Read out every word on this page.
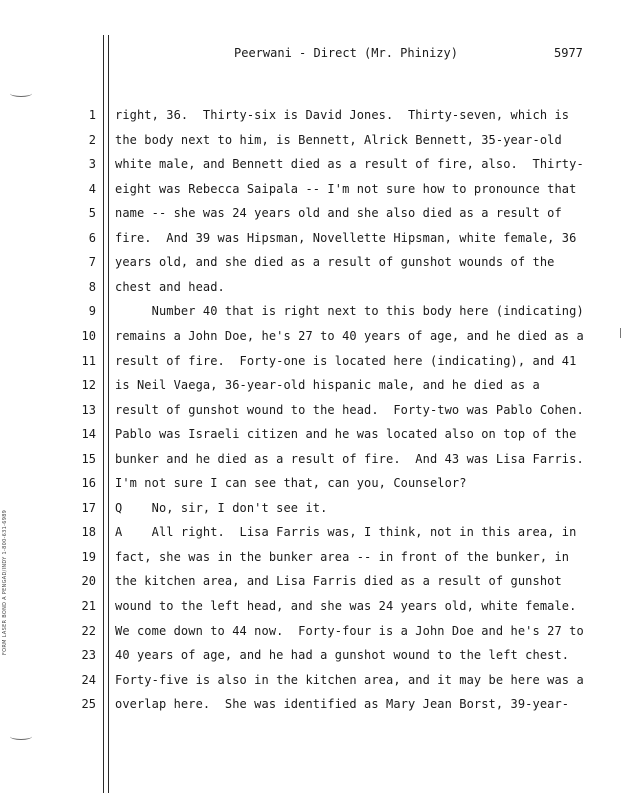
FORM LASER BOND A PENGAD/INDY 1-800-631-6989
Peerwani - Direct (Mr. Phinizy)	5977
1 right, 36.  Thirty-six is David Jones.  Thirty-seven, which is
2 the body next to him, is Bennett, Alrick Bennett, 35-year-old
3 white male, and Bennett died as a result of fire, also.  Thirty-
4 eight was Rebecca Saipala -- I'm not sure how to pronounce that
5 name -- she was 24 years old and she also died as a result of
6 fire.  And 39 was Hipsman, Novellette Hipsman, white female, 36
7 years old, and she died as a result of gunshot wounds of the
8 chest and head.
9 Number 40 that is right next to this body here (indicating)
10 remains a John Doe, he's 27 to 40 years of age, and he died as a
11 result of fire.  Forty-one is located here (indicating), and 41
12 is Neil Vaega, 36-year-old hispanic male, and he died as a
13 result of gunshot wound to the head.  Forty-two was Pablo Cohen.
14 Pablo was Israeli citizen and he was located also on top of the
15 bunker and he died as a result of fire.  And 43 was Lisa Farris.
16 I'm not sure I can see that, can you, Counselor?
17 Q    No, sir, I don't see it.
18 A    All right.  Lisa Farris was, I think, not in this area, in
19 fact, she was in the bunker area -- in front of the bunker, in
20 the kitchen area, and Lisa Farris died as a result of gunshot
21 wound to the left head, and she was 24 years old, white female.
22 We come down to 44 now.  Forty-four is a John Doe and he's 27 to
23 40 years of age, and he had a gunshot wound to the left chest.
24 Forty-five is also in the kitchen area, and it may be here was a
25 overlap here.  She was identified as Mary Jean Borst, 39-year-
